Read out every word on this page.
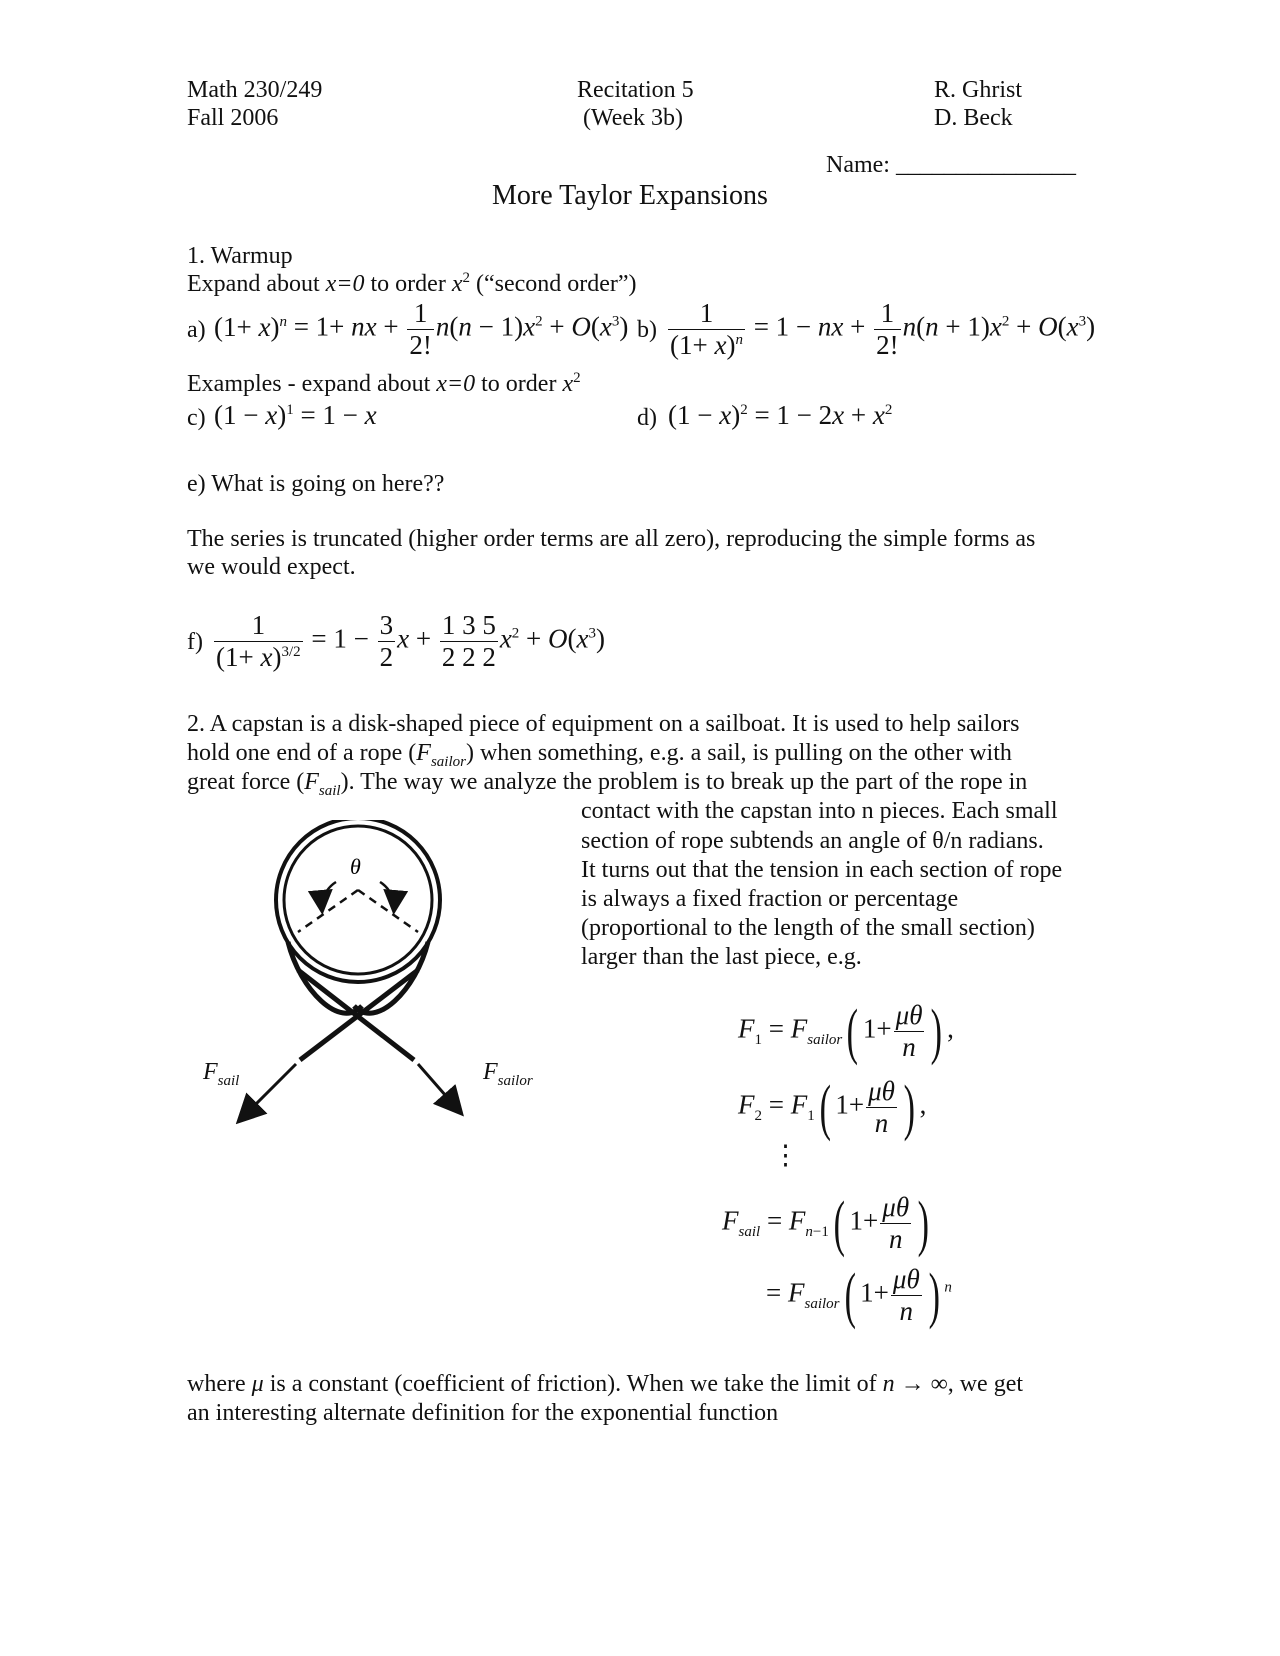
Math 230/249
Fall 2006
Recitation 5
(Week 3b)
R. Ghrist
D. Beck
Name: _______________
More Taylor Expansions
1. Warmup
Expand about x=0 to order $x^2$ (“second order”)
a) $(1+ x)^n = 1+$ nx + $\frac{1}{2!} n(n - 1)x^2 + O(x^3)$ $b) \frac{1}{(1+ x)^n} = 1$ − nx + $\frac{1}{2!} n(n + 1)x^2 + O(x^3)$
Examples - expand about x=0 to order $x^2$
c) $(1 - x)^1 = 1 - x$	d) $(1 - x)^2 = 1 - 2x + x^2$
e) What is going on here??
The series is truncated (higher order terms are all zero), reproducing the simple forms as we would expect.
$f) \frac{1}{(1+ x)^{3/2}} = 1 - \frac{3}{2}$ $x + \frac{1 3 5}{2 2 2} x^2 + O(x^3)$
2. A capstan is a disk-shaped piece of equipment on a sailboat. It is used to help sailors
hold one end of a rope $(F_{sailor})$ when something, e.g. a sail, is pulling on the other with
great force $(F_{sail})$. The way we analyze the problem is to break up the part of the rope in
contact with the capstan into n pieces. Each small
section of rope subtends an angle of θ/n radians.
It turns out that the tension in each section of rope
is always a fixed fraction or percentage
(proportional to the length of the small section)
larger than the last piece, e.g.
θ
$F_{sail}$	$F_{sailor}$
$F_1 = F_{sailor}$( $1+ \frac{\mu\theta}{n}$ ) ,
$F_2 = F_1$( $1+ \frac{\mu\theta}{n}$ ) ,
⋮
$F_{sail} = F_{n-1}$( $1+ \frac{\mu\theta}{n}$ )
= $F_{sailor}$( $1+ \frac{\mu\theta}{n}$ ) $^n$
where μ is a constant (coefficient of friction). When we take the limit of n → ∞, we get
an interesting alternate definition for the exponential function
